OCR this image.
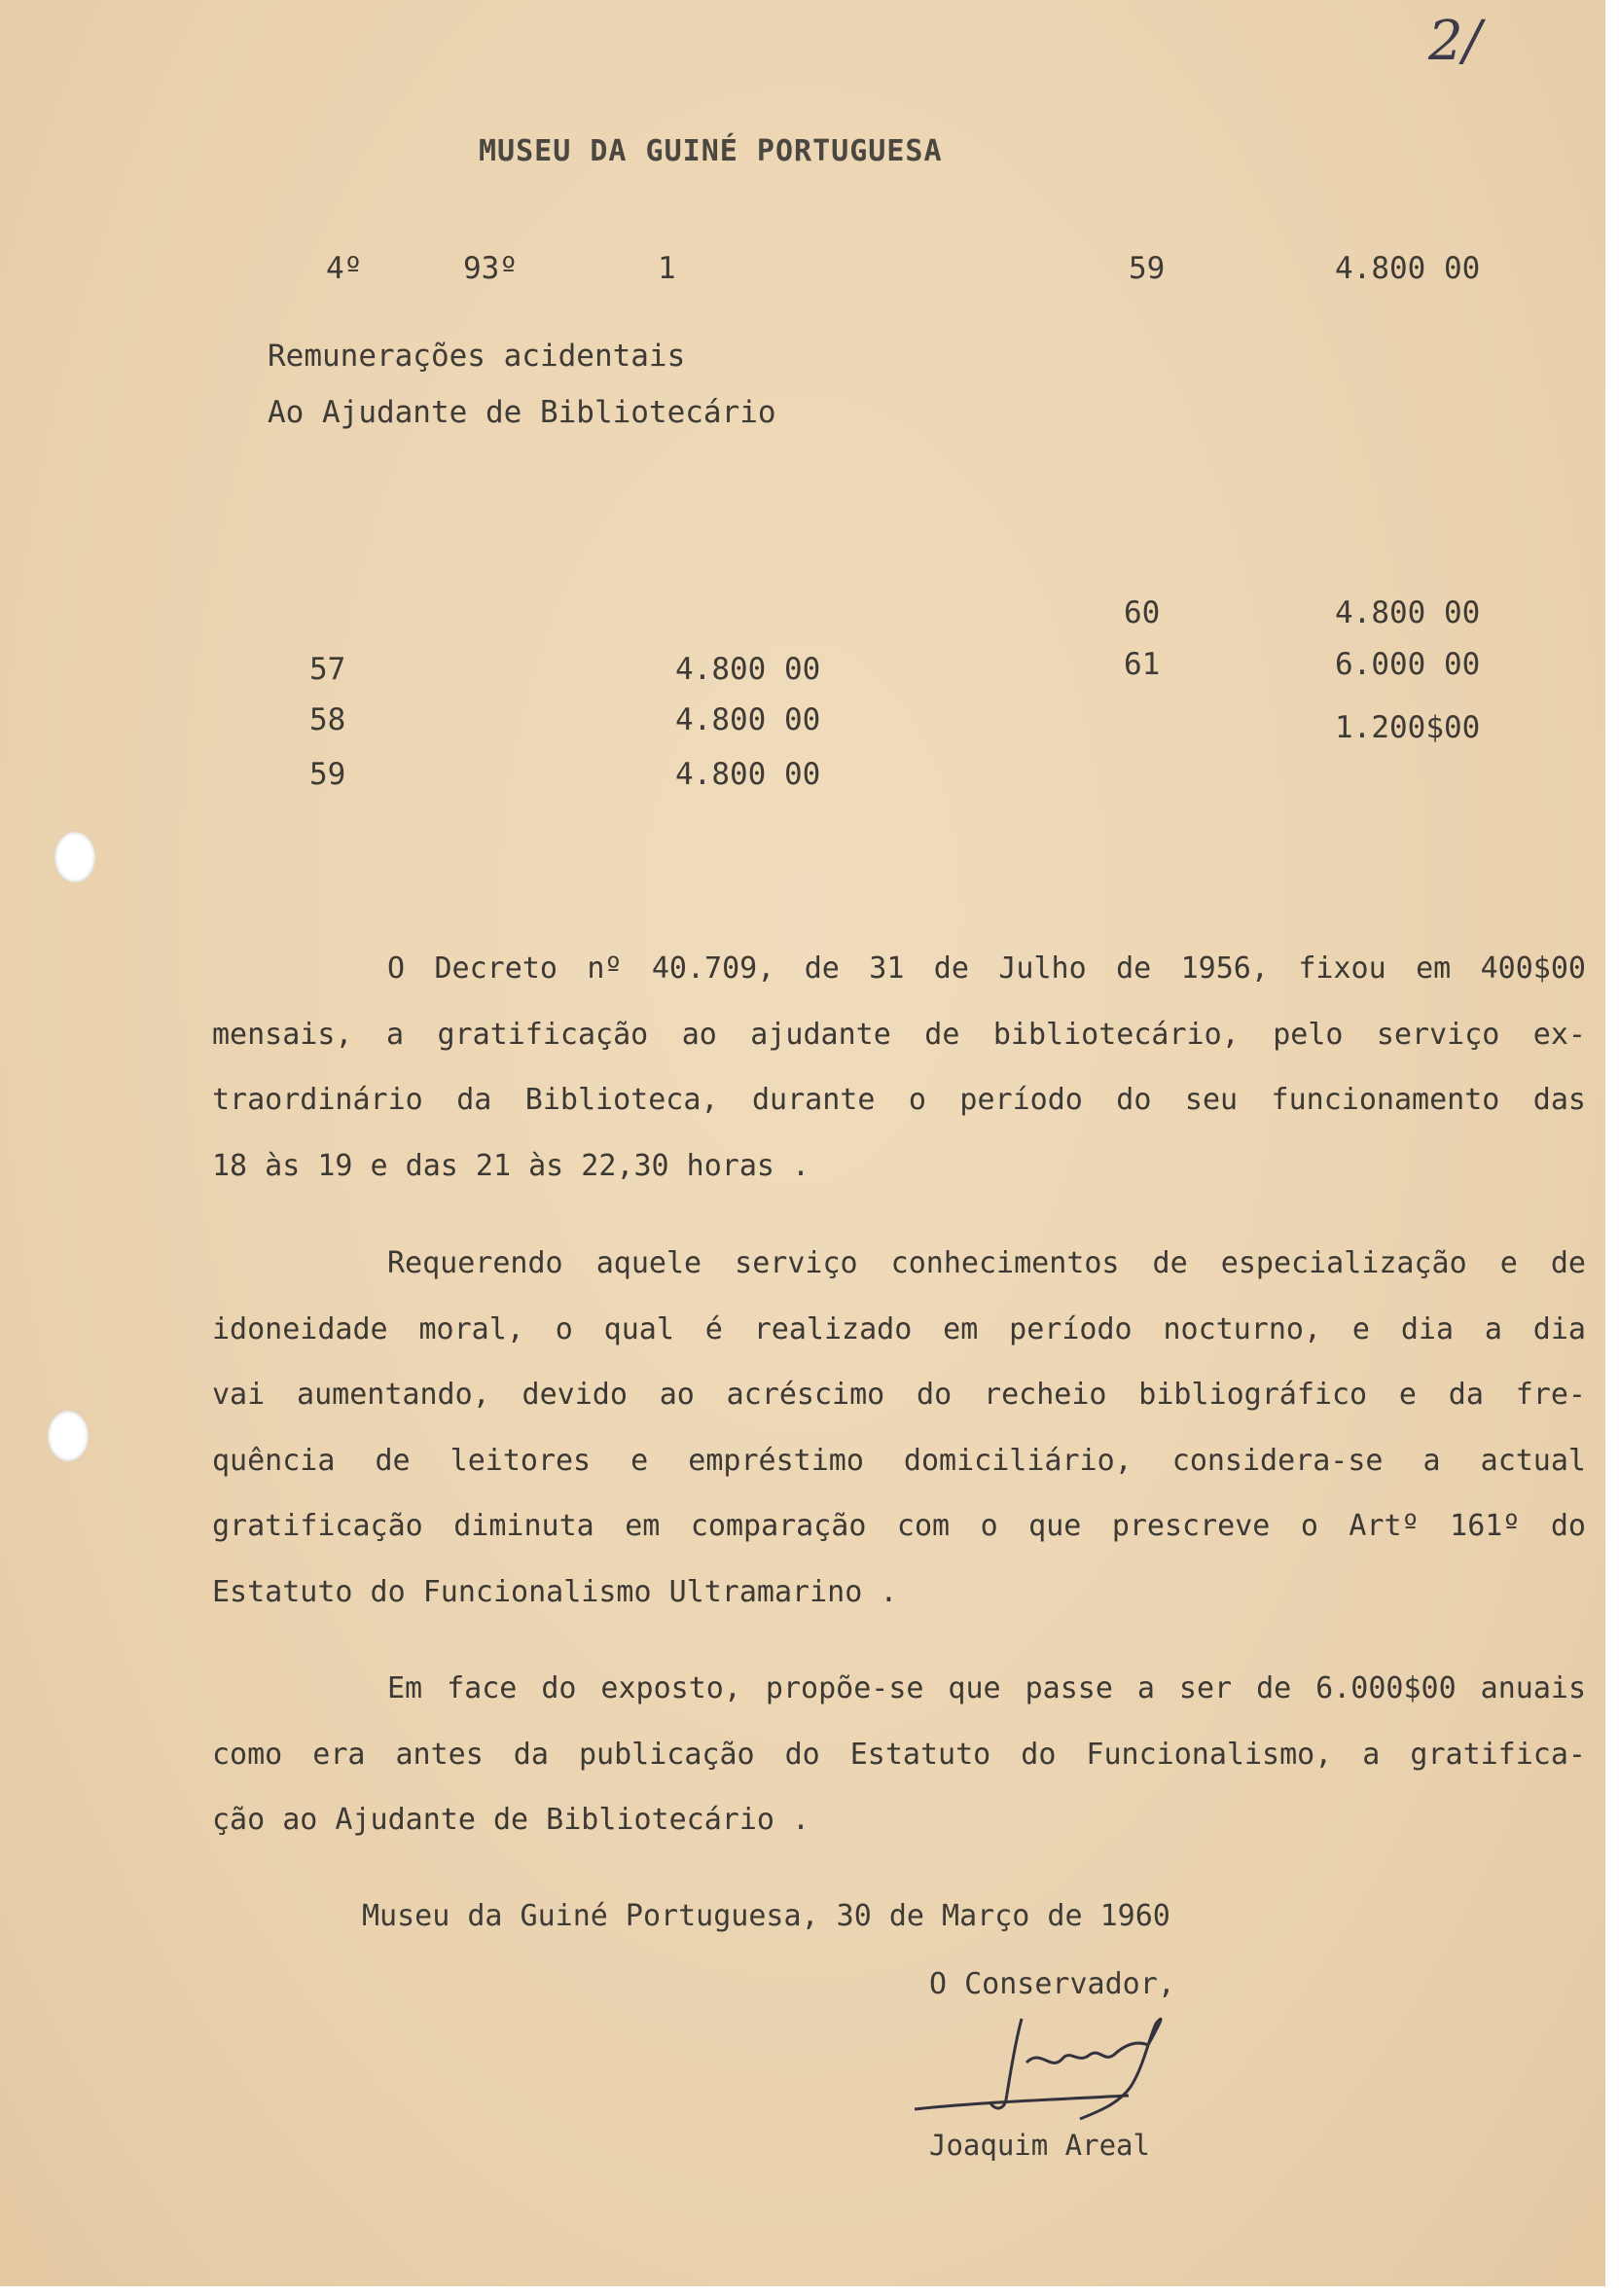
2/
MUSEU DA GUINÉ PORTUGUESA
4º	93º	1	59	4.800 00
Remunerações acidentais
Ao Ajudante de Bibliotecário
60	4.800 00
61	6.000 00
1.200$00
57	4.800 00
58	4.800 00
59	4.800 00
O Decreto nº 40.709, de 31 de Julho de 1956, fixou em 400$00
mensais, a gratificação ao ajudante de bibliotecário, pelo serviço ex-
traordinário da Biblioteca, durante o período do seu funcionamento das
18 às 19 e das 21 às 22,30 horas .
Requerendo aquele serviço conhecimentos de especialização e de
idoneidade moral, o qual é realizado em período nocturno, e dia a dia
vai aumentando, devido ao acréscimo do recheio bibliográfico e da fre-
quência de leitores e empréstimo domiciliário, considera-se a actual
gratificação diminuta em comparação com o que prescreve o Artº 161º do
Estatuto do Funcionalismo Ultramarino .
Em face do exposto, propõe-se que passe a ser de 6.000$00 anuais
como era antes da publicação do Estatuto do Funcionalismo, a gratifica-
ção ao Ajudante de Bibliotecário .
Museu da Guiné Portuguesa, 30 de Março de 1960
O Conservador,
Joaquim Areal
